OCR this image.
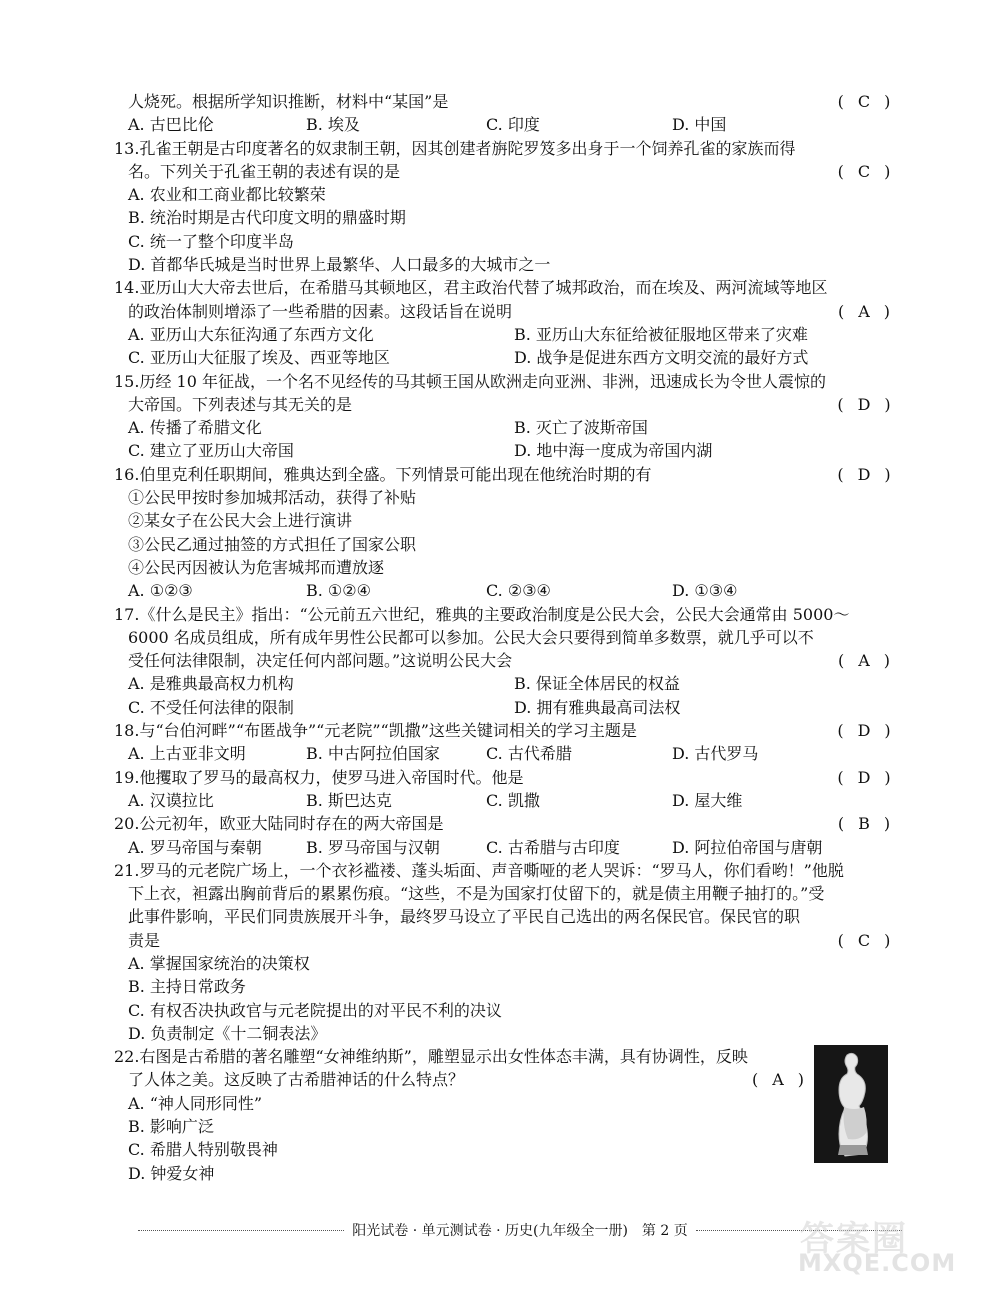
人烧死。根据所学知识推断，材料中“某国”是	( C )
A. 古巴比伦	B. 埃及	C. 印度	D. 中国
13.孔雀王朝是古印度著名的奴隶制王朝，因其创建者旃陀罗笈多出身于一个饲养孔雀的家族而得
名。下列关于孔雀王朝的表述有误的是	( C )
A. 农业和工商业都比较繁荣
B. 统治时期是古代印度文明的鼎盛时期
C. 统一了整个印度半岛
D. 首都华氏城是当时世界上最繁华、人口最多的大城市之一
14.亚历山大大帝去世后，在希腊马其顿地区，君主政治代替了城邦政治，而在埃及、两河流域等地区
的政治体制则增添了一些希腊的因素。这段话旨在说明	( A )
A. 亚历山大东征沟通了东西方文化	B. 亚历山大东征给被征服地区带来了灾难
C. 亚历山大征服了埃及、西亚等地区	D. 战争是促进东西方文明交流的最好方式
15.历经 10 年征战，一个名不见经传的马其顿王国从欧洲走向亚洲、非洲，迅速成长为令世人震惊的
大帝国。下列表述与其无关的是	( D )
A. 传播了希腊文化	B. 灭亡了波斯帝国
C. 建立了亚历山大帝国	D. 地中海一度成为帝国内湖
16.伯里克利任职期间，雅典达到全盛。下列情景可能出现在他统治时期的有	( D )
①公民甲按时参加城邦活动，获得了补贴
②某女子在公民大会上进行演讲
③公民乙通过抽签的方式担任了国家公职
④公民丙因被认为危害城邦而遭放逐
A. ①②③	B. ①②④	C. ②③④	D. ①③④
17.《什么是民主》指出：“公元前五六世纪，雅典的主要政治制度是公民大会，公民大会通常由 5000～
6000 名成员组成，所有成年男性公民都可以参加。公民大会只要得到简单多数票，就几乎可以不
受任何法律限制，决定任何内部问题。”这说明公民大会	( A )
A. 是雅典最高权力机构	B. 保证全体居民的权益
C. 不受任何法律的限制	D. 拥有雅典最高司法权
18.与“台伯河畔”“布匿战争”“元老院”“凯撒”这些关键词相关的学习主题是	( D )
A. 上古亚非文明	B. 中古阿拉伯国家	C. 古代希腊	D. 古代罗马
19.他攫取了罗马的最高权力，使罗马进入帝国时代。他是	( D )
A. 汉谟拉比	B. 斯巴达克	C. 凯撒	D. 屋大维
20.公元初年，欧亚大陆同时存在的两大帝国是	( B )
A. 罗马帝国与秦朝	B. 罗马帝国与汉朝	C. 古希腊与古印度	D. 阿拉伯帝国与唐朝
21.罗马的元老院广场上，一个衣衫褴褛、蓬头垢面、声音嘶哑的老人哭诉：“罗马人，你们看哟！”他脱
下上衣，袒露出胸前背后的累累伤痕。“这些，不是为国家打仗留下的，就是债主用鞭子抽打的。”受
此事件影响，平民们同贵族展开斗争，最终罗马设立了平民自己选出的两名保民官。保民官的职
责是	( C )
A. 掌握国家统治的决策权
B. 主持日常政务
C. 有权否决执政官与元老院提出的对平民不利的决议
D. 负责制定《十二铜表法》
22.右图是古希腊的著名雕塑“女神维纳斯”，雕塑显示出女性体态丰满，具有协调性，反映
了人体之美。这反映了古希腊神话的什么特点？	( A )
A. “神人同形同性”
B. 影响广泛
C. 希腊人特别敬畏神
D. 钟爱女神
阳光试卷 · 单元测试卷 · 历史(九年级全一册)　第 2 页	答案圈
MXQE.COM
